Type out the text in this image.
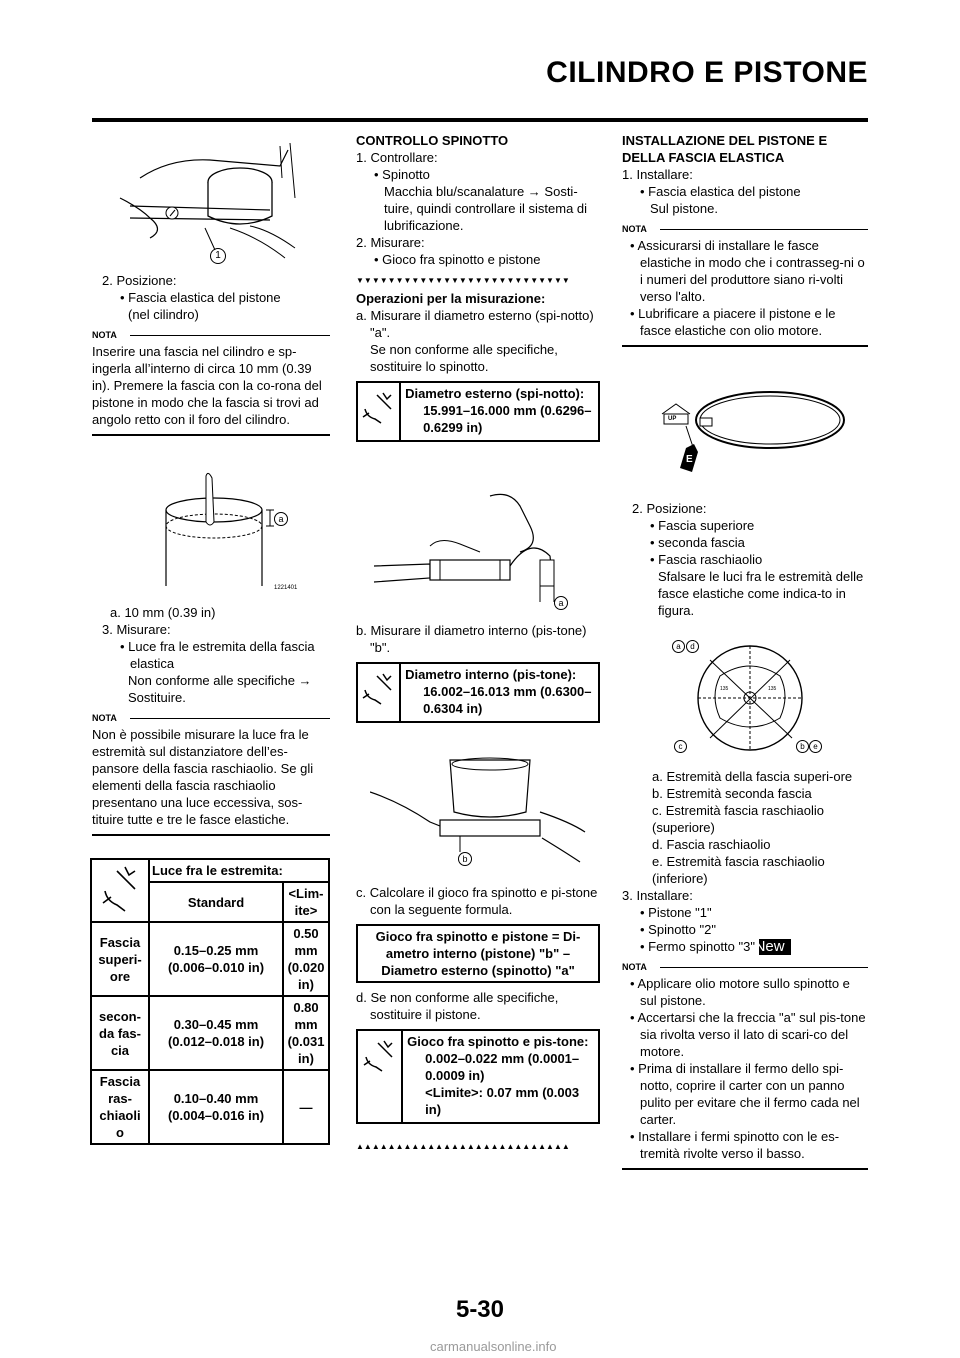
CILINDRO E PISTONE
1

2. Posizione:

• Fascia elastica del pistone

(nel cilindro)

NOTA

Inserire una fascia nel cilindro e sp-ingerla all’interno di circa 10 mm (0.39 in). Premere la fascia con la co-rona del pistone in modo che la fascia si trovi ad angolo retto con il foro del cilindro.

a
1221401

a. 10 mm (0.39 in)

3. Misurare:

• Luce fra le estremita della fascia elastica

Non conforme alle specifiche →

Sostituire.

NOTA

Non è possibile misurare la luce fra le estremità sul distanziatore dell’es-pansore della fascia raschiaolio. Se gli elementi della fascia raschiaolio presentano una luce eccessiva, sos-tituire tutte e tre le fasce elastiche.

	Luce fra le estremita:	
	Standard	<Lim-ite>
Fascia superi-ore	0.15–0.25 mm (0.006–0.010 in)	0.50 mm (0.020 in)
secon-da fas-cia	0.30–0.45 mm (0.012–0.018 in)	0.80 mm (0.031 in)
Fascia ras-chiaoli o	0.10–0.40 mm (0.004–0.016 in)	—

CONTROLLO SPINOTTO

1. Controllare:

• Spinotto

Macchia blu/scanalature → Sosti-tuire, quindi controllare il sistema di lubrificazione.

2. Misurare:

• Gioco fra spinotto e pistone

▼▼▼▼▼▼▼▼▼▼▼▼▼▼▼▼▼▼▼▼▼▼▼▼▼▼▼

Operazioni per la misurazione:

a. Misurare il diametro esterno (spi-notto) "a".

Se non conforme alle specifiche, sostituire lo spinotto.

Diametro esterno (spi-notto):
15.991–16.000 mm (0.6296–0.6299 in)
a

b. Misurare il diametro interno (pis-tone) "b".

Diametro interno (pis-tone):
16.002–16.013 mm (0.6300–0.6304 in)
b

c. Calcolare il gioco fra spinotto e pi-stone con la seguente formula.

Gioco fra spinotto e pistone = Di-ametro interno (pistone) "b" – Diametro esterno (spinotto) "a"

d. Se non conforme alle specifiche, sostituire il pistone.

Gioco fra spinotto e pis-tone:
0.002–0.022 mm (0.0001–0.0009 in)
<Limite>: 0.07 mm (0.003 in)
▲▲▲▲▲▲▲▲▲▲▲▲▲▲▲▲▲▲▲▲▲▲▲▲▲▲▲

INSTALLAZIONE DEL PISTONE E DELLA FASCIA ELASTICA

1. Installare:

• Fascia elastica del pistone

Sul pistone.

NOTA

• Assicurarsi di installare le fasce elastiche in modo che i contrasseg-ni o i numeri del produttore siano ri-volti verso l'alto.

• Lubrificare a piacere il pistone e le fasce elastiche con olio motore.

UP
E

2. Posizione:

• Fascia superiore

• seconda fascia

• Fascia raschiaolio

Sfalsare le luci fra le estremità delle fasce elastiche come indica-to in figura.

a	d
c	b	e
135	135

a. Estremità della fascia superi-ore

b. Estremità seconda fascia

c. Estremità fascia raschiaolio (superiore)

d. Fascia raschiaolio

e. Estremità fascia raschiaolio (inferiore)

3. Installare:

• Pistone "1"

• Spinotto "2"

• Fermo spinotto "3" New

NOTA

• Applicare olio motore sullo spinotto e sul pistone.

• Accertarsi che la freccia "a" sul pis-tone sia rivolta verso il lato di scari-co del motore.

• Prima di installare il fermo dello spi-notto, coprire il carter con un panno pulito per evitare che il fermo cada nel carter.

• Installare i fermi spinotto con le es-tremità rivolte verso il basso.

5-30
carmanualsonline.info
